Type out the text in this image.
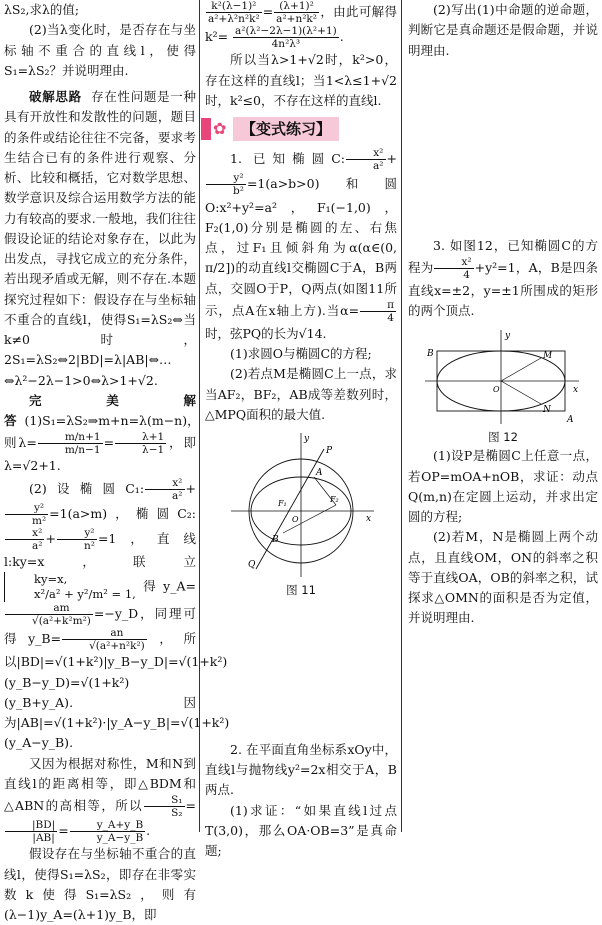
λS₂,求λ的值;

(2)当λ变化时，是否存在与坐标轴不重合的直线l，使得S₁=λS₂？并说明理由.

破解思路 存在性问题是一种具有开放性和发散性的问题，题目的条件或结论往往不完备，要求考生结合已有的条件进行观察、分析、比较和概括，它对数学思想、数学意识及综合运用数学方法的能力有较高的要求.一般地，我们往往假设论证的结论对象存在，以此为出发点，寻找它成立的充分条件，若出现矛盾或无解，则不存在.本题探究过程如下：假设存在与坐标轴不重合的直线l，使得S₁=λS₂⇔当k≠0时，2S₁=λS₂⇔2|BD|=λ|AB|⇔…⇔λ²−2λ−1>0⇔λ>1+√2.

完美解答 (1)S₁=λS₂⇒m+n=λ(m−n)，则$\lambda= \frac{m/n+1}{m/n-1} = \frac{\lambda+1}{\lambda-1}$ ，即λ=√2+1.

(2)设椭圆C₁: $\frac{\text{x²}}{\text{a²}}$ +
$\frac{\text{y²}}{\text{m²}} =1(a>m)$，椭圆C₂:
$\frac{\text{x²}}{\text{a²}} + \frac{\text{y²}}{\text{n²}} =1$，直线l:ky=x，联立
ky=x,
x²/a² + y²/m² = 1,
得y_A=
$\frac{am}{\text{√(a²+k²m²)}}$ =−y_D，同理可得y_B= $\frac{an}{\text{√(a²+n²k²)}}$ ，所以|BD|=√(1+k²)|y_B−y_D|=√(1+k²)(y_B−y_D)=√(1+k²)(y_B+y_A).因为|AB|=√(1+k²)·|y_A−y_B|=√(1+k²)(y_A−y_B).

又因为根据对称性，M和N到直线l的距离相等，即△BDM和△ABN的高相等，所以 $\frac{\text{S₁}}{\text{S₂}}$ =
$\frac{|BD|}{|AB|} = \frac{y\_A+y\_B}{y\_A-y\_B}$ .

假设存在与坐标轴不重合的直线l，使得S₁=λS₂，即存在非零实数k使得S₁=λS₂，则有(λ−1)y_A=(λ+1)y_B，即

$\frac{\text{k²(λ−1)²}}{\text{a²+λ²n²k²}} = \frac{\text{(λ+1)²}}{\text{a²+n²k²}}$ ，由此可解得$k^2= \frac{\text{a²(λ²−2λ−1)(λ²+1)}}{\text{4n²λ³}}$ .

所以当λ>1+√2时，k²>0，存在这样的直线l；当1<λ≤1+√2时，k²≤0，不存在这样的直线l.

✿ 【变式练习】

1. 已知椭圆C: $\frac{\text{x²}}{\text{a²}}$ +
$\frac{\text{y²}}{\text{b²}} =1(a>b>0)$和圆O:x²+y²=a²，F₁(−1,0)，F₂(1,0)分别是椭圆的左、右焦点，过F₁且倾斜角为α(α∈(0, π/2])的动直线l交椭圆C于A，B两点，交圆O于P，Q两点(如图11所示，点A在x轴上方).当$\alpha= \frac{\pi}{4}$
时，弦PQ的长为√14.

(1)求圆O与椭圆C的方程;

(2)若点M是椭圆C上一点，求当AF₂，BF₂，AB成等差数列时，△MPQ面积的最大值.

y
x
P
A
F₁
O
F₂
B
Q
图 11

2. 在平面直角坐标系xOy中，直线l与抛物线y²=2x相交于A，B两点.

(1)求证：“如果直线l过点T(3,0)，那么OA·OB=3”是真命题;

(2)写出(1)中命题的逆命题，判断它是真命题还是假命题，并说明理由.

3. 如图12，已知椭圆C的方程为 $\frac{\text{x²}}{4} +y^2=1$，A，B是四条直线x=±2，y=±1所围成的矩形的两个顶点.

y
x
A
B
O
M
N
图 12

(1)设P是椭圆C上任意一点，若OP=mOA+nOB，求证：动点Q(m,n)在定圆上运动，并求出定圆的方程;

(2)若M，N是椭圆上两个动点，且直线OM，ON的斜率之积等于直线OA，OB的斜率之积，试探求△OMN的面积是否为定值，并说明理由.
